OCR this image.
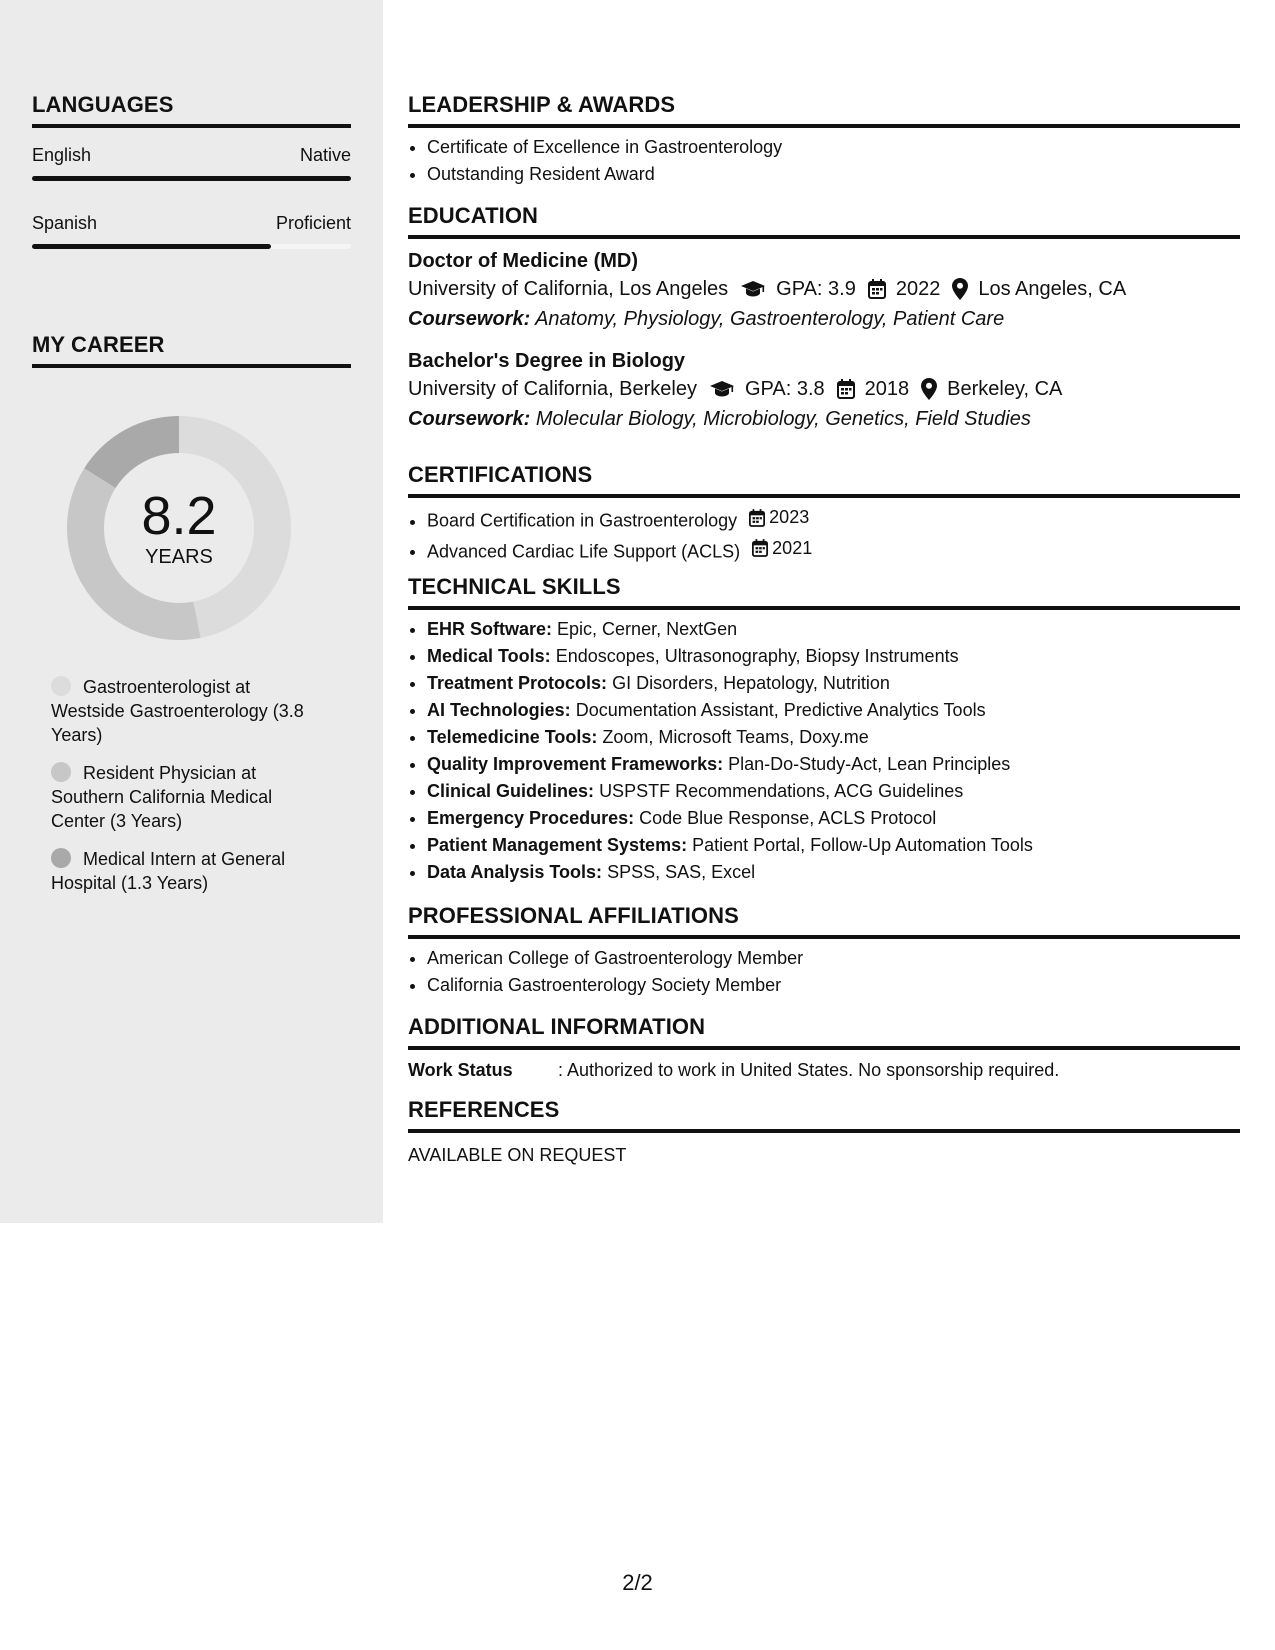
LANGUAGES
English	Native
Spanish	Proficient
MY CAREER
8.2
YEARS
Gastroenterologist at Westside Gastroenterology (3.8 Years)
Resident Physician at Southern California Medical Center (3 Years)
Medical Intern at General Hospital (1.3 Years)
LEADERSHIP & AWARDS
• Certificate of Excellence in Gastroenterology
• Outstanding Resident Award
EDUCATION
Doctor of Medicine (MD)
University of California, Los Angeles GPA: 3.9 2022 Los Angeles, CA
Coursework: Anatomy, Physiology, Gastroenterology, Patient Care
Bachelor's Degree in Biology
University of California, Berkeley GPA: 3.8 2018 Berkeley, CA
Coursework: Molecular Biology, Microbiology, Genetics, Field Studies
CERTIFICATIONS
• Board Certification in Gastroenterology 2023
• Advanced Cardiac Life Support (ACLS) 2021
TECHNICAL SKILLS
• EHR Software: Epic, Cerner, NextGen
• Medical Tools: Endoscopes, Ultrasonography, Biopsy Instruments
• Treatment Protocols: GI Disorders, Hepatology, Nutrition
• AI Technologies: Documentation Assistant, Predictive Analytics Tools
• Telemedicine Tools: Zoom, Microsoft Teams, Doxy.me
• Quality Improvement Frameworks: Plan-Do-Study-Act, Lean Principles
• Clinical Guidelines: USPSTF Recommendations, ACG Guidelines
• Emergency Procedures: Code Blue Response, ACLS Protocol
• Patient Management Systems: Patient Portal, Follow-Up Automation Tools
• Data Analysis Tools: SPSS, SAS, Excel
PROFESSIONAL AFFILIATIONS
• American College of Gastroenterology Member
• California Gastroenterology Society Member
ADDITIONAL INFORMATION
Work Status	: Authorized to work in United States. No sponsorship required.
REFERENCES
AVAILABLE ON REQUEST
2/2
